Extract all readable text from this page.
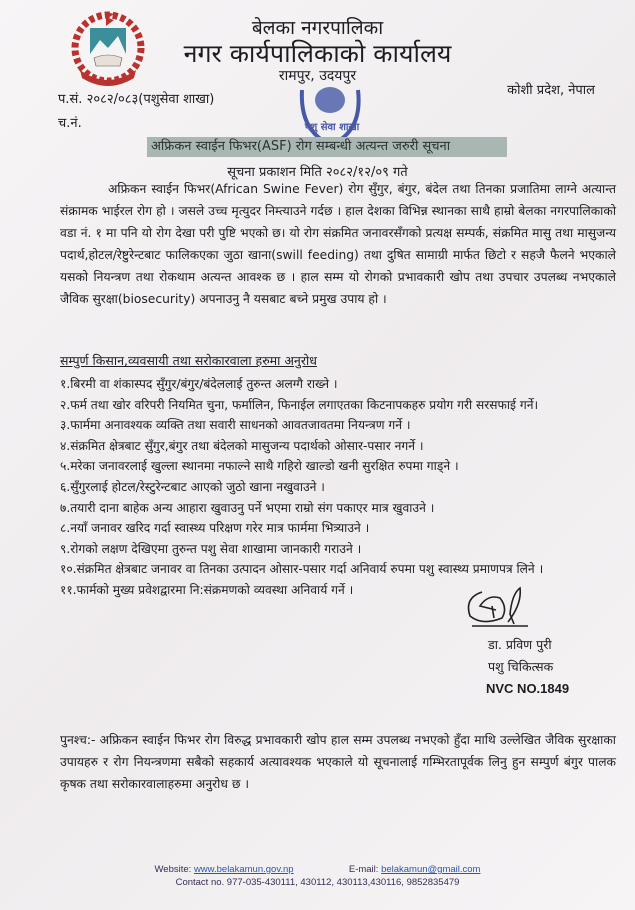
बेलका नगरपालिका
नगर कार्यपालिकाको कार्यालय
रामपुर, उदयपुर
कोशी प्रदेश, नेपाल
प.सं. २०८२/०८३(पशुसेवा शाखा)
च.नं.	पशु सेवा शाखा
अफ्रिकन स्वाईन फिभर(ASF) रोग सम्बन्धी अत्यन्त जरुरी सूचना
सूचना प्रकाशन मिति २०८२/१२/०९ गते
अफ्रिकन स्वाईन फिभर(African Swine Fever) रोग सुँगुर, बंगुर, बंदेल तथा तिनका प्रजातिमा लाग्ने अत्यान्त संक्रामक भाईरल रोग हो । जसले उच्च मृत्युदर निम्त्याउने गर्दछ । हाल देशका विभिन्न स्थानका साथै हाम्रो बेलका नगरपालिकाको वडा नं. १ मा पनि यो रोग देखा परी पुष्टि भएको छ। यो रोग संक्रमित जनावरसँगको प्रत्यक्ष सम्पर्क, संक्रमित मासु तथा मासुजन्य पदार्थ,होटल/रेष्टुरेन्टबाट फालिकएका जुठा खाना(swill feeding) तथा दुषित सामाग्री मार्फत छिटो र सहजै फैलने भएकाले यसको नियन्त्रण तथा रोकथाम अत्यन्त आवश्क छ । हाल सम्म यो रोगको प्रभावकारी खोप तथा उपचार उपलब्ध नभएकाले जैविक सुरक्षा(biosecurity) अपनाउनु नै यसबाट बच्ने प्रमुख उपाय हो ।
सम्पुर्ण किसान,व्यवसायी तथा सरोकारवाला हरुमा अनुरोध
१.बिरमी वा शंकास्पद सुँगुर/बंगुर/बंदेललाई तुरुन्त अलग्गै राख्ने ।
२.फर्म तथा खोर वरिपरी नियमित चुना, फर्मालिन, फिनाईल लगाएतका किटनापकहरु प्रयोग गरी सरसफाई गर्ने।
३.फार्ममा अनावश्यक व्यक्ति तथा सवारी साधनको आवतजावतमा नियन्त्रण गर्ने ।
४.संक्रमित क्षेत्रबाट सुँगुर,बंगुर तथा बंदेलको मासुजन्य पदार्थको ओसार-पसार नगर्ने ।
५.मरेका जनावरलाई खुल्ला स्थानमा नफाल्ने साथै गहिरो खाल्डो खनी सुरक्षित रुपमा गाड्ने ।
६.सुँगुरलाई होटल/रेस्टुरेन्टबाट आएको जुठो खाना नखुवाउने ।
७.तयारी दाना बाहेक अन्य आहारा खुवाउनु पर्ने भएमा राम्रो संग पकाएर मात्र खुवाउने ।
८.नयाँ जनावर खरिद गर्दा स्वास्थ्य परिक्षण गरेर मात्र फार्ममा भित्र्याउने ।
९.रोगको लक्षण देखिएमा तुरुन्त पशु सेवा शाखामा जानकारी गराउने ।
१०.संक्रमित क्षेत्रबाट जनावर वा तिनका उत्पादन ओसार-पसार गर्दा अनिवार्य रुपमा पशु स्वास्थ्य प्रमाणपत्र लिने ।
११.फार्मको मुख्य प्रवेशद्वारमा नि:संक्रमणको व्यवस्था अनिवार्य गर्ने ।
डा. प्रविण पुरी
पशु चिकित्सक
NVC NO.1849
पुनश्च:- अफ्रिकन स्वाईन फिभर रोग विरुद्ध प्रभावकारी खोप हाल सम्म उपलब्ध नभएको हुँदा माथि उल्लेखित जैविक सुरक्षाका उपायहरु र रोग नियन्त्रणमा सबैको सहकार्य अत्यावश्यक भएकाले यो सूचनालाई गम्भिरतापूर्वक लिनु हुन सम्पुर्ण बंगुर पालक कृषक तथा सरोकारवालाहरुमा अनुरोध छ ।
Website: www.belakamun.gov.np	E-mail: belakamun@gmail.com
Contact no. 977-035-430111, 430112, 430113,430116, 9852835479
